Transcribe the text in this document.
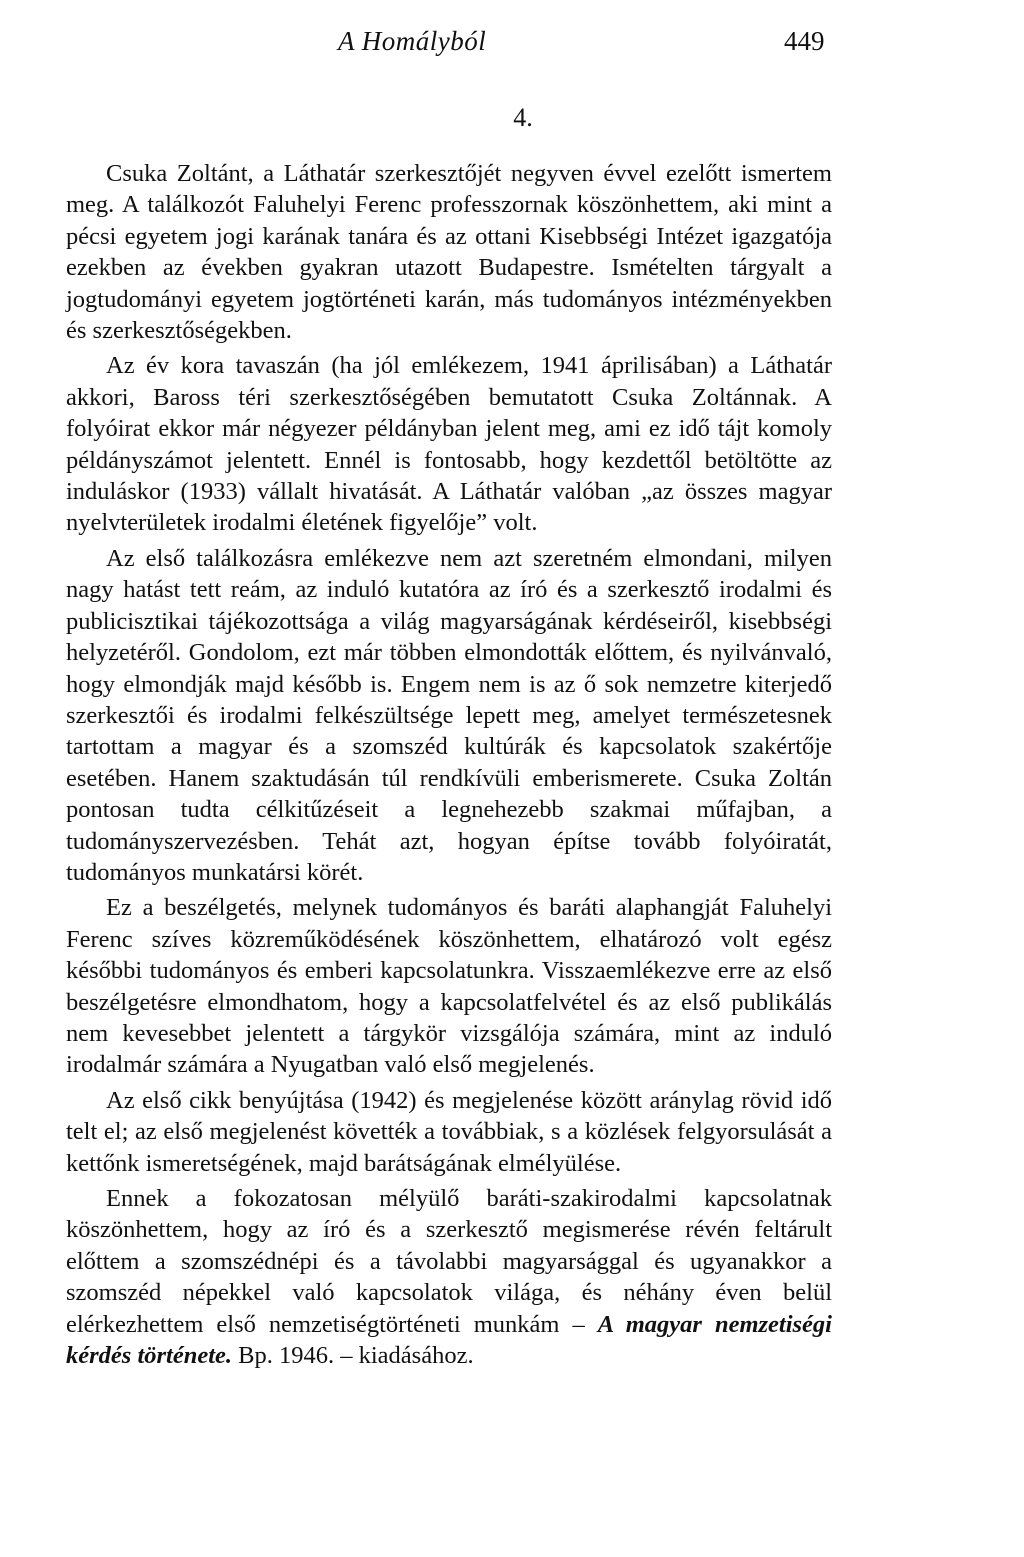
A Homályból	449
4.

Csuka Zoltánt, a Láthatár szerkesztőjét negyven évvel ezelőtt ismertem meg. A találkozót Faluhelyi Ferenc professzornak köszönhettem, aki mint a pécsi egyetem jogi karának tanára és az ottani Kisebbségi Intézet igazgatója ezekben az években gyakran utazott Budapestre. Ismételten tárgyalt a jogtudományi egyetem jogtörténeti karán, más tudományos intézményekben és szerkesztőségekben.

Az év kora tavaszán (ha jól emlékezem, 1941 áprilisában) a Láthatár akkori, Baross téri szerkesztőségében bemutatott Csuka Zoltánnak. A folyóirat ekkor már négyezer példányban jelent meg, ami ez idő tájt komoly példányszámot jelentett. Ennél is fontosabb, hogy kezdettől betöltötte az induláskor (1933) vállalt hivatását. A Láthatár valóban „az összes magyar nyelvterületek irodalmi életének figyelője” volt.

Az első találkozásra emlékezve nem azt szeretném elmondani, milyen nagy hatást tett reám, az induló kutatóra az író és a szerkesztő irodalmi és publicisztikai tájékozottsága a világ magyarságának kérdéseiről, kisebbségi helyzetéről. Gondolom, ezt már többen elmondották előttem, és nyilvánvaló, hogy elmondják majd később is. Engem nem is az ő sok nemzetre kiterjedő szerkesztői és irodalmi felkészültsége lepett meg, amelyet természetesnek tartottam a magyar és a szomszéd kultúrák és kapcsolatok szakértője esetében. Hanem szaktudásán túl rendkívüli emberismerete. Csuka Zoltán pontosan tudta célkitűzéseit a legnehezebb szakmai műfajban, a tudományszervezésben. Tehát azt, hogyan építse tovább folyóiratát, tudományos munkatársi körét.

Ez a beszélgetés, melynek tudományos és baráti alaphangját Faluhelyi Ferenc szíves közreműködésének köszönhettem, elhatározó volt egész későbbi tudományos és emberi kapcsolatunkra. Visszaemlékezve erre az első beszélgetésre elmondhatom, hogy a kapcsolatfelvétel és az első publikálás nem kevesebbet jelentett a tárgykör vizsgálója számára, mint az induló irodalmár számára a Nyugatban való első megjelenés.

Az első cikk benyújtása (1942) és megjelenése között aránylag rövid idő telt el; az első megjelenést követték a továbbiak, s a közlések felgyorsulását a kettőnk ismeretségének, majd barátságának elmélyülése.

Ennek a fokozatosan mélyülő baráti-szakirodalmi kapcsolatnak köszönhettem, hogy az író és a szerkesztő megismerése révén feltárult előttem a szomszédnépi és a távolabbi magyarsággal és ugyanakkor a szomszéd népekkel való kapcsolatok világa, és néhány éven belül elérkezhettem első nemzetiségtörténeti munkám – A magyar nemzetiségi kérdés története. Bp. 1946. – kiadásához.
